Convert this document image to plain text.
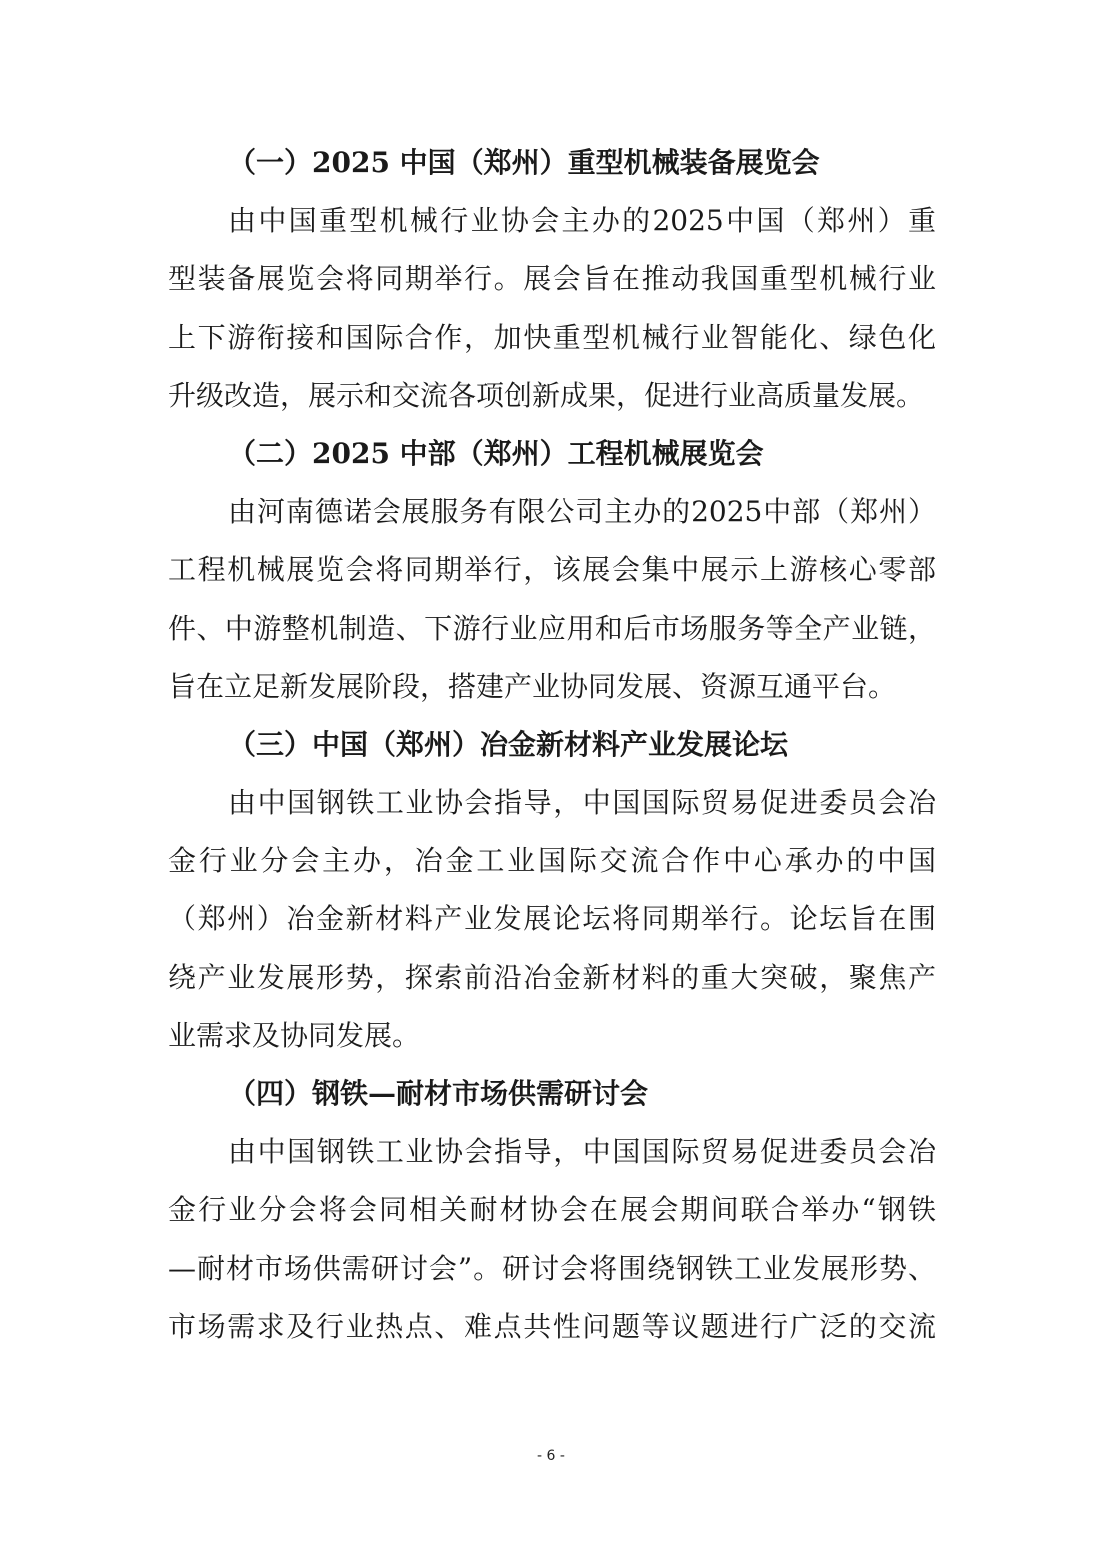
（一）2025 中国（郑州）重型机械装备展览会
由中国重型机械行业协会主办的2025中国（郑州）重
型装备展览会将同期举行。展会旨在推动我国重型机械行业
上下游衔接和国际合作，加快重型机械行业智能化、绿色化
升级改造，展示和交流各项创新成果，促进行业高质量发展。
（二）2025 中部（郑州）工程机械展览会
由河南德诺会展服务有限公司主办的2025中部（郑州）
工程机械展览会将同期举行，该展会集中展示上游核心零部
件、中游整机制造、下游行业应用和后市场服务等全产业链，
旨在立足新发展阶段，搭建产业协同发展、资源互通平台。
（三）中国（郑州）冶金新材料产业发展论坛
由中国钢铁工业协会指导，中国国际贸易促进委员会冶
金行业分会主办，冶金工业国际交流合作中心承办的中国
（郑州）冶金新材料产业发展论坛将同期举行。论坛旨在围
绕产业发展形势，探索前沿冶金新材料的重大突破，聚焦产
业需求及协同发展。
（四）钢铁—耐材市场供需研讨会
由中国钢铁工业协会指导，中国国际贸易促进委员会冶
金行业分会将会同相关耐材协会在展会期间联合举办“钢铁
—耐材市场供需研讨会”。研讨会将围绕钢铁工业发展形势、
市场需求及行业热点、难点共性问题等议题进行广泛的交流
- 6 -
